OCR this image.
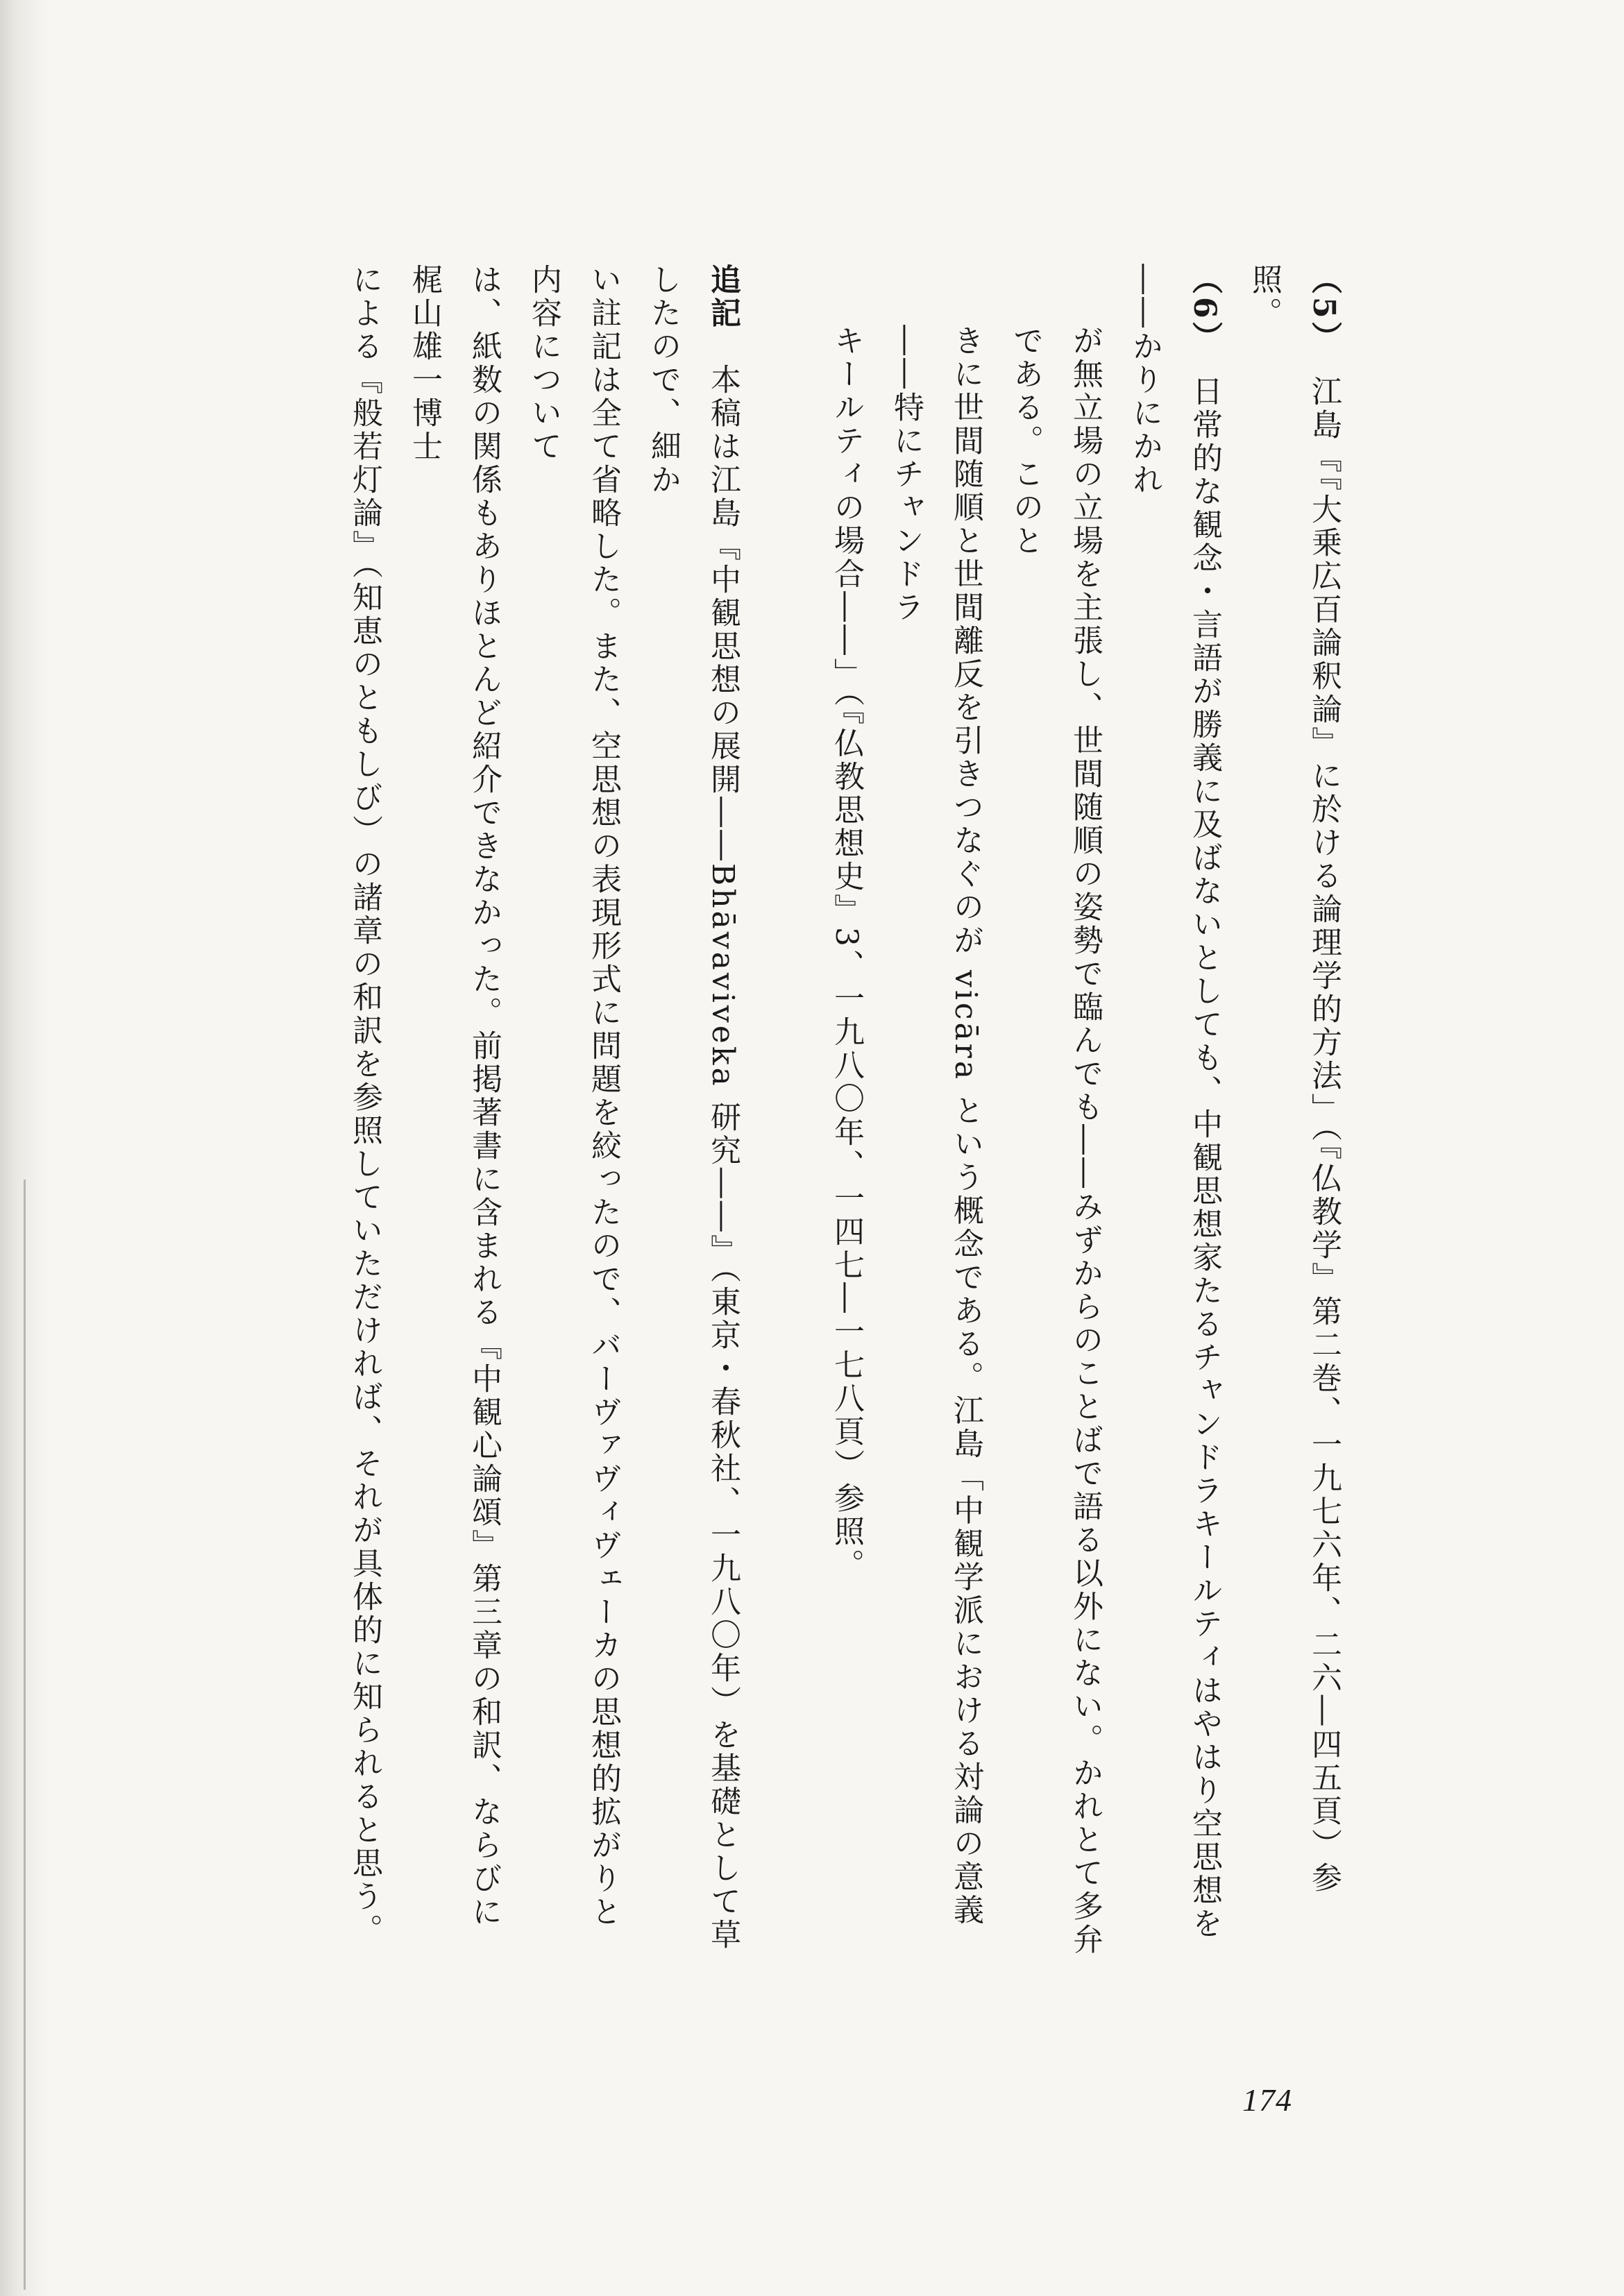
（5）江島『『大乗広百論釈論』に於ける論理学的方法」（『仏教学』第二巻、一九七六年、二六―四五頁）参照。
（6）日常的な観念・言語が勝義に及ばないとしても、中観思想家たるチャンドラキールティはやはり空思想を――かりにかれ
が無立場の立場を主張し、世間随順の姿勢で臨んでも――みずからのことばで語る以外にない。かれとて多弁である。このと
きに世間随順と世間離反を引きつなぐのが vicāra という概念である。江島「中観学派における対論の意義――特にチャンドラ
キールティの場合――」（『仏教思想史』3、一九八〇年、一四七―一七八頁）参照。
追記　本稿は江島『中観思想の展開――Bhāvaviveka 研究――』（東京・春秋社、一九八〇年）を基礎として草したので、細か
い註記は全て省略した。また、空思想の表現形式に問題を絞ったので、バーヴァヴィヴェーカの思想的拡がりと内容について
は、紙数の関係もありほとんど紹介できなかった。前掲著書に含まれる『中観心論頌』第三章の和訳、ならびに梶山雄一博士
による『般若灯論』（知恵のともしび）の諸章の和訳を参照していただければ、それが具体的に知られると思う。
174
